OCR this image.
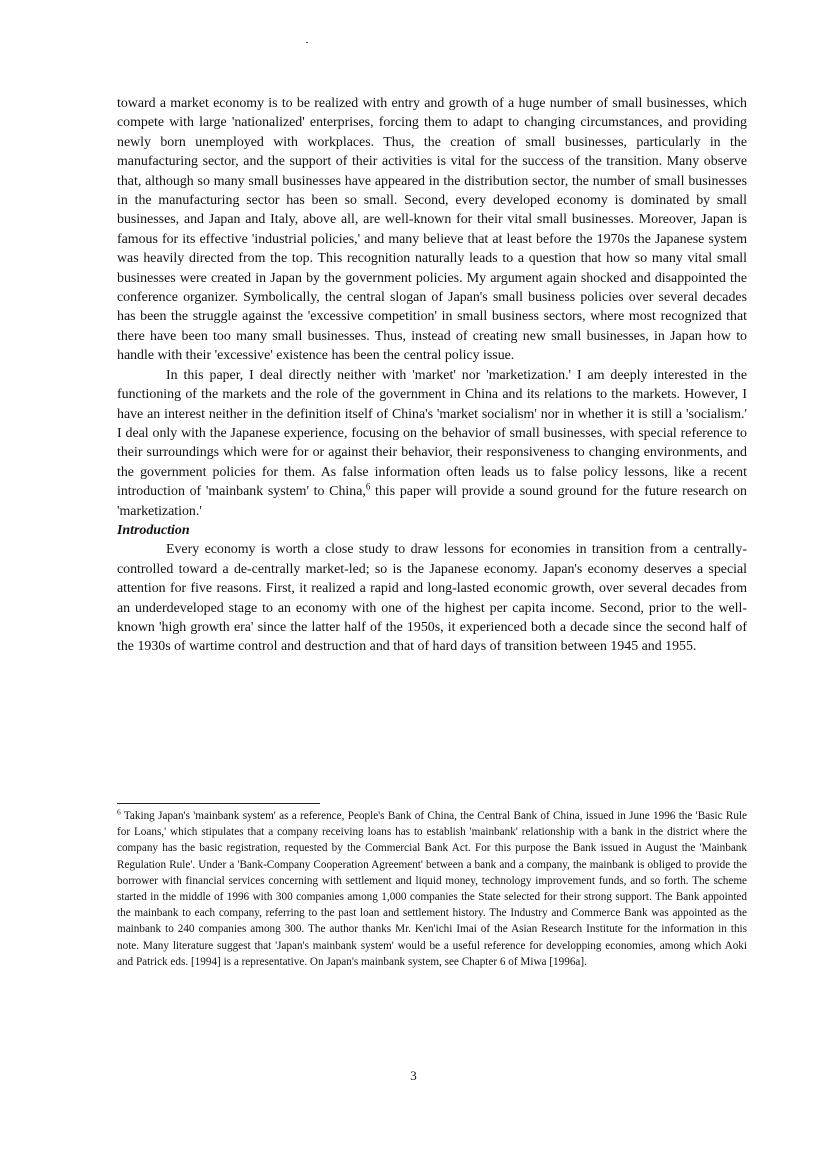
toward a market economy is to be realized with entry and growth of a huge number of small businesses, which compete with large 'nationalized' enterprises, forcing them to adapt to changing circumstances, and providing newly born unemployed with workplaces. Thus, the creation of small businesses, particularly in the manufacturing sector, and the support of their activities is vital for the success of the transition. Many observe that, although so many small businesses have appeared in the distribution sector, the number of small businesses in the manufacturing sector has been so small. Second, every developed economy is dominated by small businesses, and Japan and Italy, above all, are well-known for their vital small businesses. Moreover, Japan is famous for its effective 'industrial policies,' and many believe that at least before the 1970s the Japanese system was heavily directed from the top. This recognition naturally leads to a question that how so many vital small businesses were created in Japan by the government policies. My argument again shocked and disappointed the conference organizer. Symbolically, the central slogan of Japan's small business policies over several decades has been the struggle against the 'excessive competition' in small business sectors, where most recognized that there have been too many small businesses. Thus, instead of creating new small businesses, in Japan how to handle with their 'excessive' existence has been the central policy issue.

In this paper, I deal directly neither with 'market' nor 'marketization.' I am deeply interested in the functioning of the markets and the role of the government in China and its relations to the markets. However, I have an interest neither in the definition itself of China's 'market socialism' nor in whether it is still a 'socialism.' I deal only with the Japanese experience, focusing on the behavior of small businesses, with special reference to their surroundings which were for or against their behavior, their responsiveness to changing environments, and the government policies for them. As false information often leads us to false policy lessons, like a recent introduction of 'mainbank system' to China,$^6$ this paper will provide a sound ground for the future research on 'marketization.'

Introduction

Every economy is worth a close study to draw lessons for economies in transition from a centrally-controlled toward a de-centrally market-led; so is the Japanese economy. Japan's economy deserves a special attention for five reasons. First, it realized a rapid and long-lasted economic growth, over several decades from an underdeveloped stage to an economy with one of the highest per capita income. Second, prior to the well-known 'high growth era' since the latter half of the 1950s, it experienced both a decade since the second half of the 1930s of wartime control and destruction and that of hard days of transition between 1945 and 1955.

$^6$ Taking Japan's 'mainbank system' as a reference, People's Bank of China, the Central Bank of China, issued in June 1996 the 'Basic Rule for Loans,' which stipulates that a company receiving loans has to establish 'mainbank' relationship with a bank in the district where the company has the basic registration, requested by the Commercial Bank Act. For this purpose the Bank issued in August the 'Mainbank Regulation Rule'. Under a 'Bank-Company Cooperation Agreement' between a bank and a company, the mainbank is obliged to provide the borrower with financial services concerning with settlement and liquid money, technology improvement funds, and so forth. The scheme started in the middle of 1996 with 300 companies among 1,000 companies the State selected for their strong support. The Bank appointed the mainbank to each company, referring to the past loan and settlement history. The Industry and Commerce Bank was appointed as the mainbank to 240 companies among 300. The author thanks Mr. Ken'ichi Imai of the Asian Research Institute for the information in this note. Many literature suggest that 'Japan's mainbank system' would be a useful reference for developping economies, among which Aoki and Patrick eds. [1994] is a representative. On Japan's mainbank system, see Chapter 6 of Miwa [1996a].
3
